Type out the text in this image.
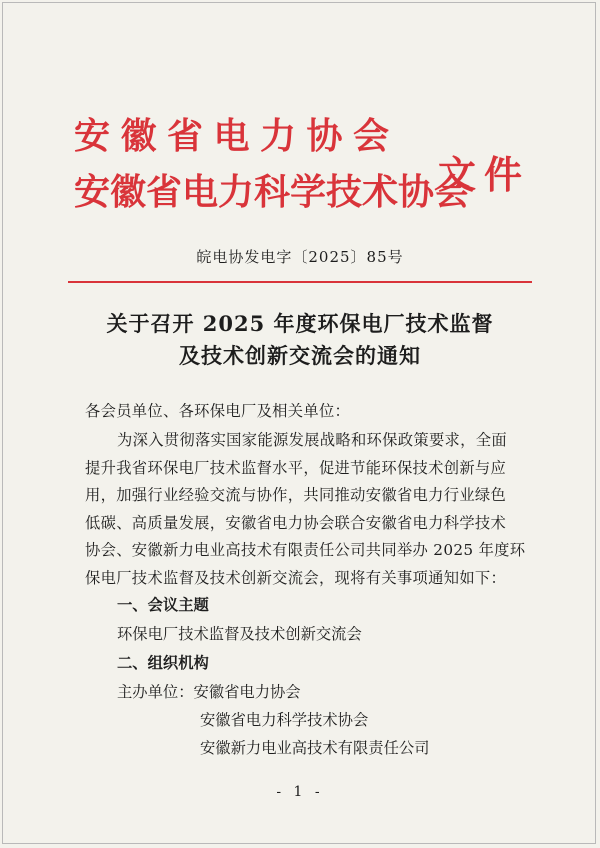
安徽省电力协会
安徽省电力科学技术协会
文件
皖电协发电字〔2025〕85号
关于召开 2025 年度环保电厂技术监督
及技术创新交流会的通知
各会员单位、各环保电厂及相关单位：
为深入贯彻落实国家能源发展战略和环保政策要求，全面
提升我省环保电厂技术监督水平，促进节能环保技术创新与应
用，加强行业经验交流与协作，共同推动安徽省电力行业绿色
低碳、高质量发展，安徽省电力协会联合安徽省电力科学技术
协会、安徽新力电业高技术有限责任公司共同举办 2025 年度环
保电厂技术监督及技术创新交流会，现将有关事项通知如下：
一、会议主题
环保电厂技术监督及技术创新交流会
二、组织机构
主办单位：安徽省电力协会
安徽省电力科学技术协会
安徽新力电业高技术有限责任公司
- 1 -
